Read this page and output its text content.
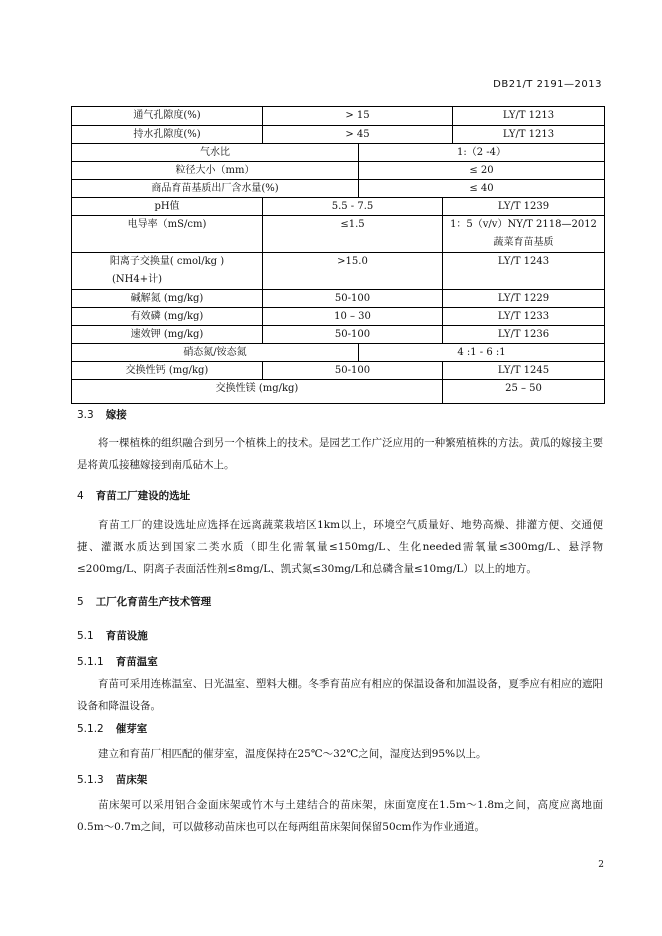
DB21/T 2191—2013
通气孔隙度(%)	> 15	LY/T 1213
持水孔隙度(%)	> 45	LY/T 1213
气水比	1:（2 -4）
粒径大小（mm）	≤ 20
商品育苗基质出厂含水量(%)	≤ 40
pH值	5.5 - 7.5	LY/T 1239
电导率（mS/cm)	≤1.5	1：5（v/v）NY/T 2118—2012
蔬菜育苗基质
阳离子交换量( cmol/kg )
(NH4+计)
>15.0	LY/T 1243
碱解氮 (mg/kg)	50-100	LY/T 1229
有效磷 (mg/kg)	10 – 30	LY/T 1233
速效钾 (mg/kg)	50-100	LY/T 1236
硝态氮/铵态氮	4 :1 - 6 :1
交换性钙 (mg/kg)	50-100	LY/T 1245
交换性镁 (mg/kg)	25 – 50
3.3 嫁接
将一棵植株的组织融合到另一个植株上的技术。是园艺工作广泛应用的一种繁殖植株的方法。黄瓜的嫁接主要是将黄瓜接穗嫁接到南瓜砧木上。
4 育苗工厂建设的选址
育苗工厂的建设选址应选择在远离蔬菜栽培区1km以上，环境空气质量好、地势高燥、排灌方便、交通便捷、灌溉水质达到国家二类水质（即生化需氧量≤150mg/L、生化needed需氧量≤300mg/L、悬浮物≤200mg/L、阴离子表面活性剂≤8mg/L、凯式氮≤30mg/L和总磷含量≤10mg/L）以上的地方。
5 工厂化育苗生产技术管理
5.1 育苗设施
5.1.1 育苗温室
育苗可采用连栋温室、日光温室、塑料大棚。冬季育苗应有相应的保温设备和加温设备，夏季应有相应的遮阳设备和降温设备。
5.1.2 催芽室
建立和育苗厂相匹配的催芽室，温度保持在25℃～32℃之间，湿度达到95%以上。
5.1.3 苗床架
苗床架可以采用铝合金面床架或竹木与土建结合的苗床架，床面宽度在1.5m～1.8m之间，高度应离地面0.5m～0.7m之间，可以做移动苗床也可以在每两组苗床架间保留50cm作为作业通道。
2
